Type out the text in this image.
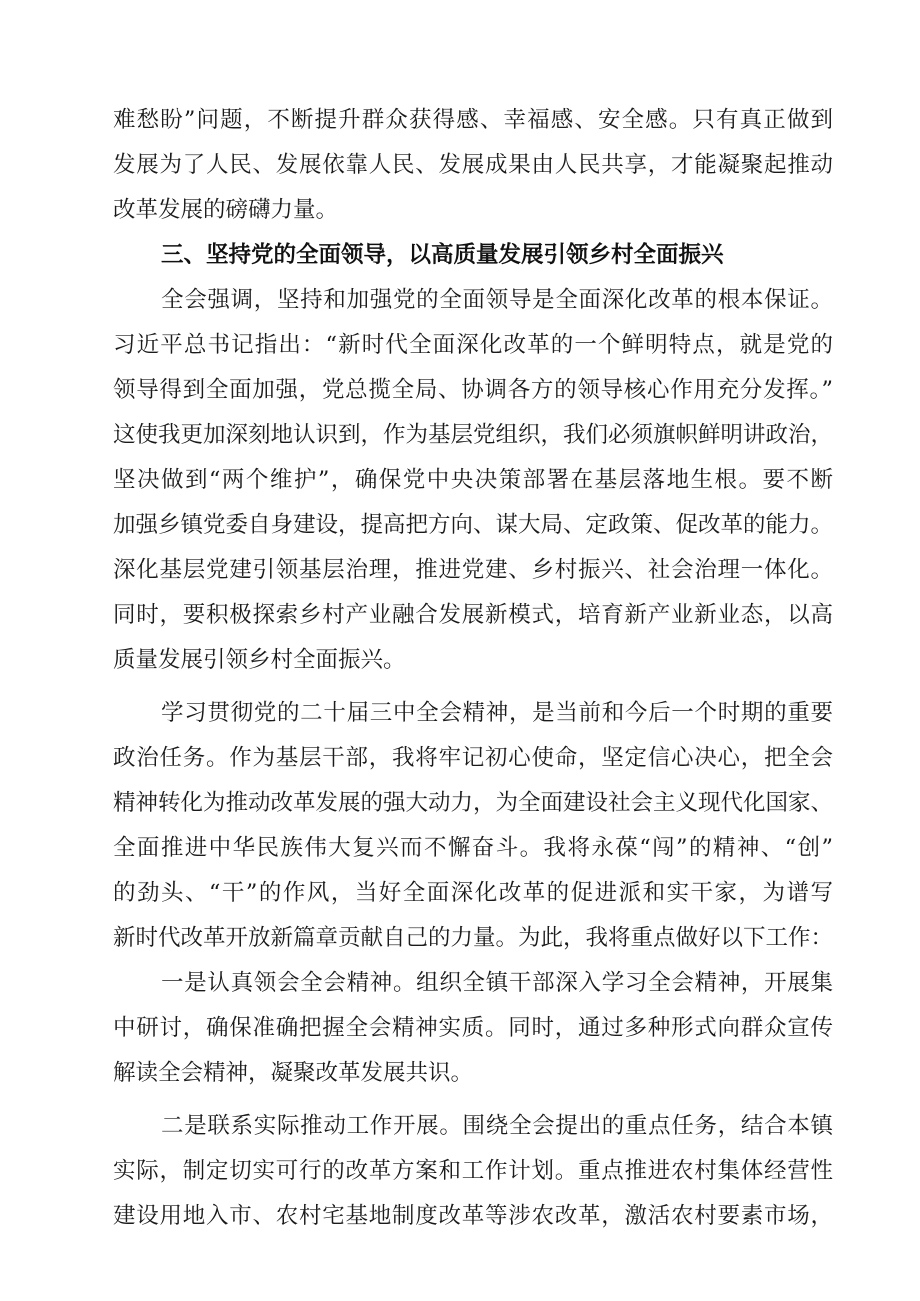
难愁盼”问题，不断提升群众获得感、幸福感、安全感。只有真正做到
发展为了人民、发展依靠人民、发展成果由人民共享，才能凝聚起推动
改革发展的磅礴力量。
三、坚持党的全面领导，以高质量发展引领乡村全面振兴
全会强调，坚持和加强党的全面领导是全面深化改革的根本保证。
习近平总书记指出：“新时代全面深化改革的一个鲜明特点，就是党的
领导得到全面加强，党总揽全局、协调各方的领导核心作用充分发挥。”
这使我更加深刻地认识到，作为基层党组织，我们必须旗帜鲜明讲政治，
坚决做到“两个维护”，确保党中央决策部署在基层落地生根。要不断
加强乡镇党委自身建设，提高把方向、谋大局、定政策、促改革的能力。
深化基层党建引领基层治理，推进党建、乡村振兴、社会治理一体化。
同时，要积极探索乡村产业融合发展新模式，培育新产业新业态，以高
质量发展引领乡村全面振兴。
学习贯彻党的二十届三中全会精神，是当前和今后一个时期的重要
政治任务。作为基层干部，我将牢记初心使命，坚定信心决心，把全会
精神转化为推动改革发展的强大动力，为全面建设社会主义现代化国家、
全面推进中华民族伟大复兴而不懈奋斗。我将永葆“闯”的精神、“创”
的劲头、“干”的作风，当好全面深化改革的促进派和实干家，为谱写
新时代改革开放新篇章贡献自己的力量。为此，我将重点做好以下工作：
一是认真领会全会精神。组织全镇干部深入学习全会精神，开展集
中研讨，确保准确把握全会精神实质。同时，通过多种形式向群众宣传
解读全会精神，凝聚改革发展共识。
二是联系实际推动工作开展。围绕全会提出的重点任务，结合本镇
实际，制定切实可行的改革方案和工作计划。重点推进农村集体经营性
建设用地入市、农村宅基地制度改革等涉农改革，激活农村要素市场，
